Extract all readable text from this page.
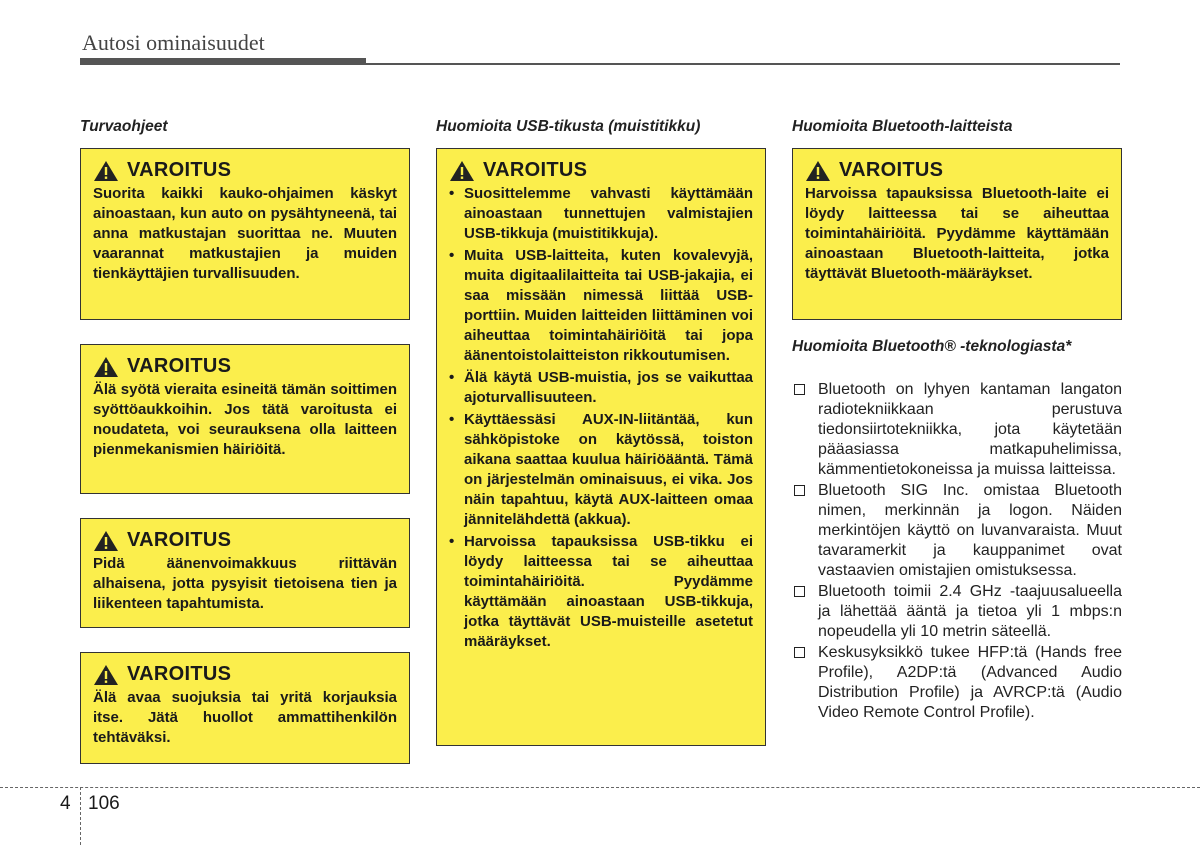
Autosi ominaisuudet
Turvaohjeet
VAROITUS
Suorita kaikki kauko-ohjaimen käskyt ainoastaan, kun auto on pysähtyneenä, tai anna matkustajan suorittaa ne. Muuten vaarannat matkustajien ja muiden tienkäyttäjien turvallisuuden.
VAROITUS
Älä syötä vieraita esineitä tämän soittimen syöttöaukkoihin. Jos tätä varoitusta ei noudateta, voi seurauksena olla laitteen pienmekanismien häiriöitä.
VAROITUS
Pidä äänenvoimakkuus riittävän alhaisena, jotta pysyisit tietoisena tien ja liikenteen tapahtumista.
VAROITUS
Älä avaa suojuksia tai yritä korjauksia itse. Jätä huollot ammattihenkilön tehtäväksi.
Huomioita USB-tikusta (muistitikku)
VAROITUS
• Suosittelemme vahvasti käyttämään ainoastaan tunnettujen valmistajien USB-tikkuja (muistitikkuja).
• Muita USB-laitteita, kuten kovalevyjä, muita digitaalilaitteita tai USB-jakajia, ei saa missään nimessä liittää USB-porttiin. Muiden laitteiden liittäminen voi aiheuttaa toimintahäiriöitä tai jopa äänentoistolaitteiston rikkoutumisen.
• Älä käytä USB-muistia, jos se vaikuttaa ajoturvallisuuteen.
• Käyttäessäsi AUX-IN-liitäntää, kun sähköpistoke on käytössä, toiston aikana saattaa kuulua häiriöääntä. Tämä on järjestelmän ominaisuus, ei vika. Jos näin tapahtuu, käytä AUX-laitteen omaa jännitelähdettä (akkua).
• Harvoissa tapauksissa USB-tikku ei löydy laitteessa tai se aiheuttaa toimintahäiriöitä. Pyydämme käyttämään ainoastaan USB-tikkuja, jotka täyttävät USB-muisteille asetetut määräykset.
Huomioita Bluetooth-laitteista
VAROITUS
Harvoissa tapauksissa Bluetooth-laite ei löydy laitteessa tai se aiheuttaa toimintahäiriöitä. Pyydämme käyttämään ainoastaan Bluetooth-laitteita, jotka täyttävät Bluetooth-määräykset.
Huomioita Bluetooth® -teknologiasta*
Bluetooth on lyhyen kantaman langaton radiotekniikkaan perustuva tiedonsiirtotekniikka, jota käytetään pääasiassa matkapuhelimissa, kämmentietokoneissa ja muissa laitteissa.
Bluetooth SIG Inc. omistaa Bluetooth nimen, merkinnän ja logon. Näiden merkintöjen käyttö on luvanvaraista. Muut tavaramerkit ja kauppanimet ovat vastaavien omistajien omistuksessa.
Bluetooth toimii 2.4 GHz -taajuusalueella ja lähettää ääntä ja tietoa yli 1 mbps:n nopeudella yli 10 metrin säteellä.
Keskusyksikkö tukee HFP:tä (Hands free Profile), A2DP:tä (Advanced Audio Distribution Profile) ja AVRCP:tä (Audio Video Remote Control Profile).
4 106
